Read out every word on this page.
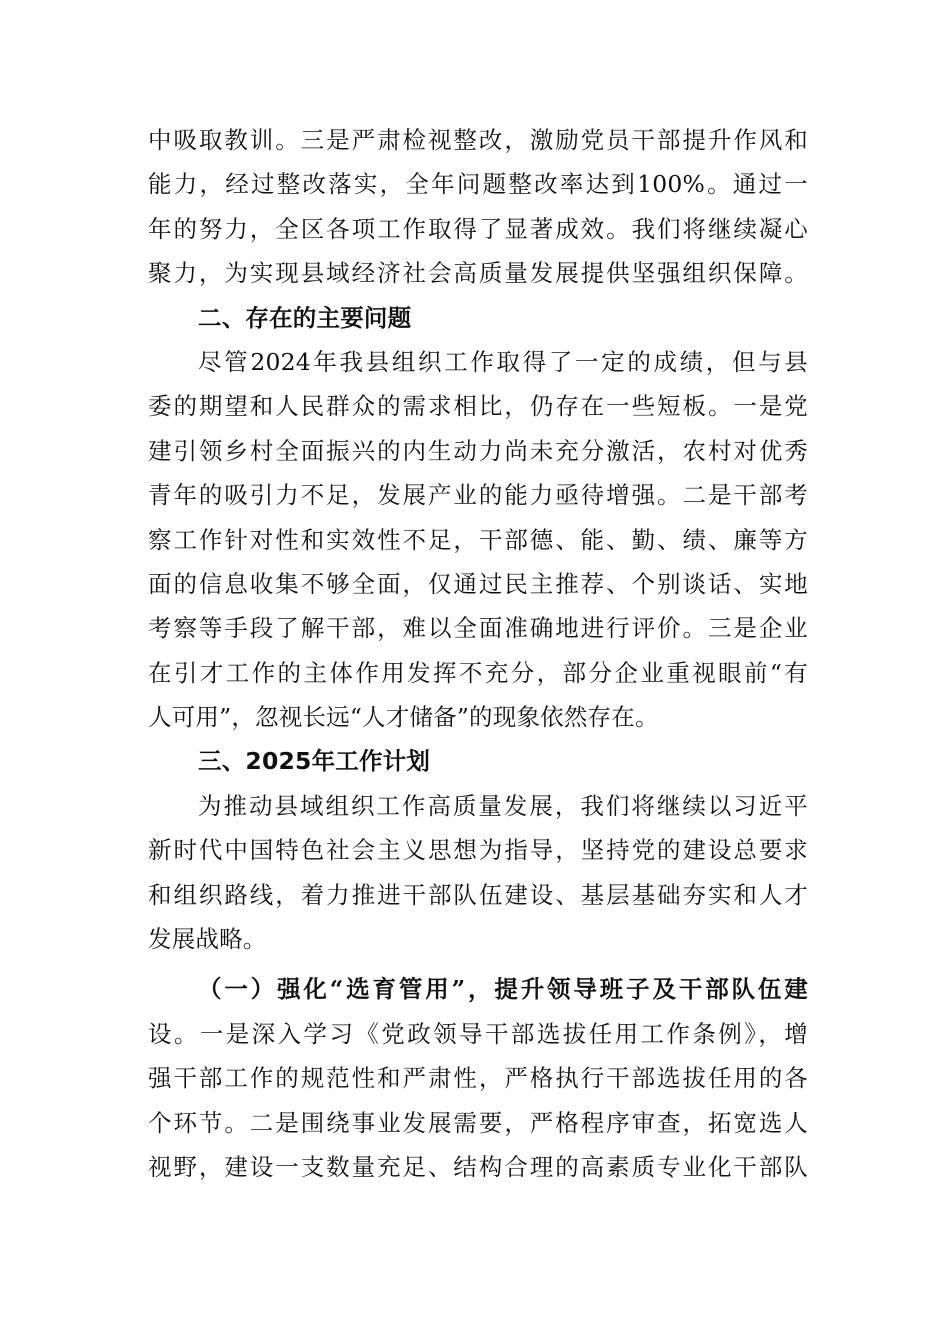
中吸取教训。三是严肃检视整改，激励党员干部提升作风和
能力，经过整改落实，全年问题整改率达到100%。通过一
年的努力，全区各项工作取得了显著成效。我们将继续凝心
聚力，为实现县域经济社会高质量发展提供坚强组织保障。
二、存在的主要问题
尽管2024年我县组织工作取得了一定的成绩，但与县
委的期望和人民群众的需求相比，仍存在一些短板。一是党
建引领乡村全面振兴的内生动力尚未充分激活，农村对优秀
青年的吸引力不足，发展产业的能力亟待增强。二是干部考
察工作针对性和实效性不足，干部德、能、勤、绩、廉等方
面的信息收集不够全面，仅通过民主推荐、个别谈话、实地
考察等手段了解干部，难以全面准确地进行评价。三是企业
在引才工作的主体作用发挥不充分，部分企业重视眼前“有
人可用”，忽视长远“人才储备”的现象依然存在。
三、2025年工作计划
为推动县域组织工作高质量发展，我们将继续以习近平
新时代中国特色社会主义思想为指导，坚持党的建设总要求
和组织路线，着力推进干部队伍建设、基层基础夯实和人才
发展战略。
（一）强化“选育管用”，提升领导班子及干部队伍建
设。一是深入学习《党政领导干部选拔任用工作条例》，增
强干部工作的规范性和严肃性，严格执行干部选拔任用的各
个环节。二是围绕事业发展需要，严格程序审查，拓宽选人
视野，建设一支数量充足、结构合理的高素质专业化干部队
